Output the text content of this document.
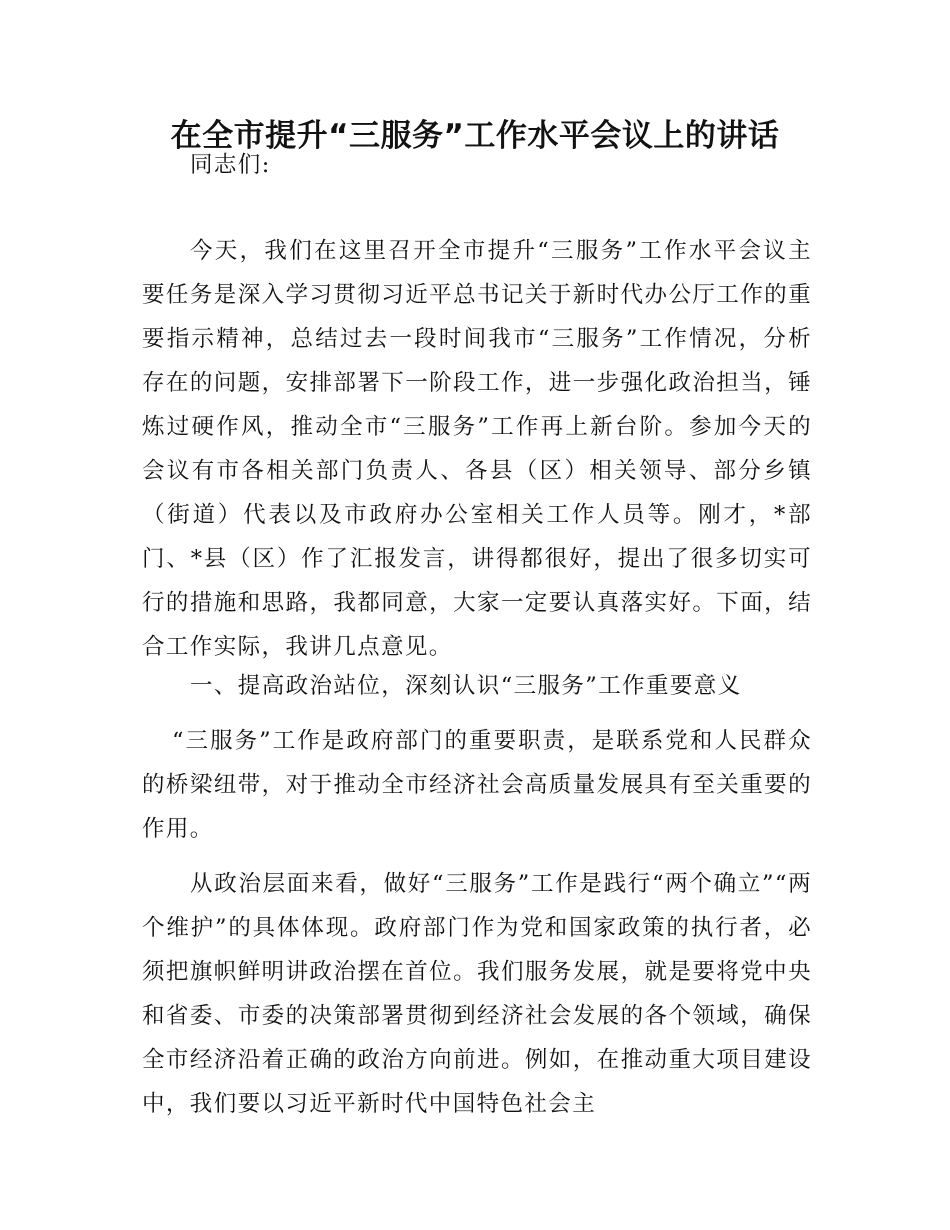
在全市提升“三服务”工作水平会议上的讲话

同志们:

今天，我们在这里召开全市提升“三服务”工作水平会议主要任务是深入学习贯彻习近平总书记关于新时代办公厅工作的重要指示精神，总结过去一段时间我市“三服务”工作情况，分析存在的问题，安排部署下一阶段工作，进一步强化政治担当，锤炼过硬作风，推动全市“三服务”工作再上新台阶。参加今天的会议有市各相关部门负责人、各县（区）相关领导、部分乡镇（街道）代表以及市政府办公室相关工作人员等。刚才，*部门、*县（区）作了汇报发言，讲得都很好，提出了很多切实可行的措施和思路，我都同意，大家一定要认真落实好。下面，结合工作实际，我讲几点意见。

一、提高政治站位，深刻认识“三服务”工作重要意义

“三服务”工作是政府部门的重要职责，是联系党和人民群众的桥梁纽带，对于推动全市经济社会高质量发展具有至关重要的作用。

从政治层面来看，做好“三服务”工作是践行“两个确立”“两个维护”的具体体现。政府部门作为党和国家政策的执行者，必须把旗帜鲜明讲政治摆在首位。我们服务发展，就是要将党中央和省委、市委的决策部署贯彻到经济社会发展的各个领域，确保全市经济沿着正确的政治方向前进。例如，在推动重大项目建设中，我们要以习近平新时代中国特色社会主
